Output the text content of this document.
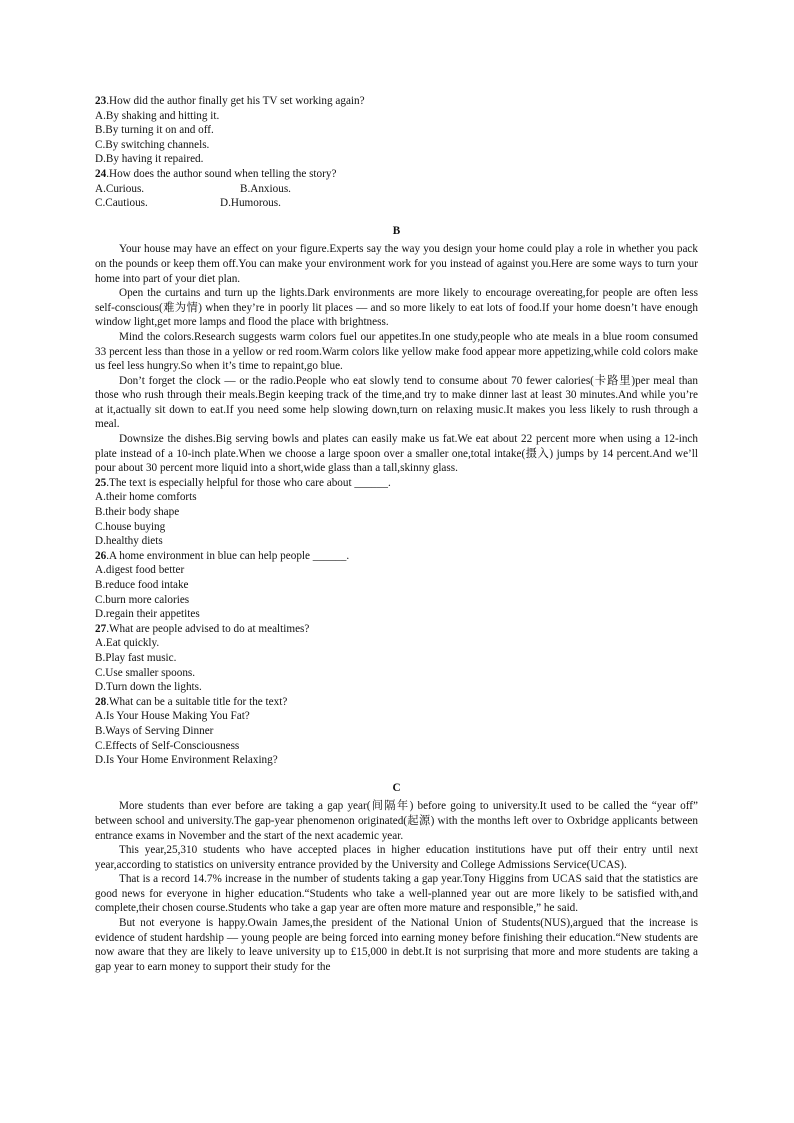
23.How did the author finally get his TV set working again?
A.By shaking and hitting it.
B.By turning it on and off.
C.By switching channels.
D.By having it repaired.
24.How does the author sound when telling the story?
A.Curious.	B.Anxious.
C.Cautious.	D.Humorous.
B
Your house may have an effect on your figure.Experts say the way you design your home could play a role in whether you pack on the pounds or keep them off.You can make your environment work for you instead of against you.Here are some ways to turn your home into part of your diet plan.
Open the curtains and turn up the lights.Dark environments are more likely to encourage overeating,for people are often less self-conscious(难为情) when they’re in poorly lit places — and so more likely to eat lots of food.If your home doesn’t have enough window light,get more lamps and flood the place with brightness.
Mind the colors.Research suggests warm colors fuel our appetites.In one study,people who ate meals in a blue room consumed 33 percent less than those in a yellow or red room.Warm colors like yellow make food appear more appetizing,while cold colors make us feel less hungry.So when it’s time to repaint,go blue.
Don’t forget the clock — or the radio.People who eat slowly tend to consume about 70 fewer calories(卡路里)per meal than those who rush through their meals.Begin keeping track of the time,and try to make dinner last at least 30 minutes.And while you’re at it,actually sit down to eat.If you need some help slowing down,turn on relaxing music.It makes you less likely to rush through a meal.
Downsize the dishes.Big serving bowls and plates can easily make us fat.We eat about 22 percent more when using a 12-inch plate instead of a 10-inch plate.When we choose a large spoon over a smaller one,total intake(摄入) jumps by 14 percent.And we’ll pour about 30 percent more liquid into a short,wide glass than a tall,skinny glass.
25.The text is especially helpful for those who care about ______.
A.their home comforts
B.their body shape
C.house buying
D.healthy diets
26.A home environment in blue can help people ______.
A.digest food better
B.reduce food intake
C.burn more calories
D.regain their appetites
27.What are people advised to do at mealtimes?
A.Eat quickly.
B.Play fast music.
C.Use smaller spoons.
D.Turn down the lights.
28.What can be a suitable title for the text?
A.Is Your House Making You Fat?
B.Ways of Serving Dinner
C.Effects of Self-Consciousness
D.Is Your Home Environment Relaxing?
C
More students than ever before are taking a gap year(间隔年) before going to university.It used to be called the “year off” between school and university.The gap-year phenomenon originated(起源) with the months left over to Oxbridge applicants between entrance exams in November and the start of the next academic year.
This year,25,310 students who have accepted places in higher education institutions have put off their entry until next year,according to statistics on university entrance provided by the University and College Admissions Service(UCAS).
That is a record 14.7% increase in the number of students taking a gap year.Tony Higgins from UCAS said that the statistics are good news for everyone in higher education.“Students who take a well-planned year out are more likely to be satisfied with,and complete,their chosen course.Students who take a gap year are often more mature and responsible,” he said.
But not everyone is happy.Owain James,the president of the National Union of Students(NUS),argued that the increase is evidence of student hardship — young people are being forced into earning money before finishing their education.“New students are now aware that they are likely to leave university up to £15,000 in debt.It is not surprising that more and more students are taking a gap year to earn money to support their study for the
